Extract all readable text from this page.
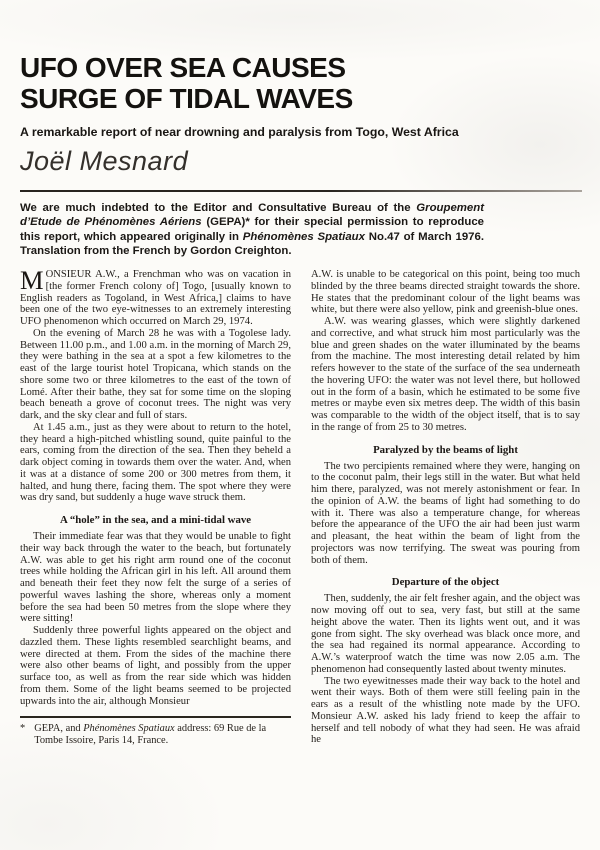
UFO OVER SEA CAUSES
SURGE OF TIDAL WAVES

A remarkable report of near drowning and paralysis from Togo, West Africa

Joël Mesnard

We are much indebted to the Editor and Consultative Bureau of the Groupement d’Etude de Phénomènes Aériens (GEPA)* for their special permission to reproduce this report, which appeared originally in Phénomènes Spatiaux No.47 of March 1976. Translation from the French by Gordon Creighton.

MONSIEUR A.W., a Frenchman who was on vacation in [the former French colony of] Togo, [usually known to English readers as Togoland, in West Africa,] claims to have been one of the two eye-witnesses to an extremely interesting UFO phenomenon which occurred on March 29, 1974.

On the evening of March 28 he was with a Togolese lady. Between 11.00 p.m., and 1.00 a.m. in the morning of March 29, they were bathing in the sea at a spot a few kilometres to the east of the large tourist hotel Tropicana, which stands on the shore some two or three kilometres to the east of the town of Lomé. After their bathe, they sat for some time on the sloping beach beneath a grove of coconut trees. The night was very dark, and the sky clear and full of stars.

At 1.45 a.m., just as they were about to return to the hotel, they heard a high-pitched whistling sound, quite painful to the ears, coming from the direction of the sea. Then they beheld a dark object coming in towards them over the water. And, when it was at a distance of some 200 or 300 metres from them, it halted, and hung there, facing them. The spot where they were was dry sand, but suddenly a huge wave struck them.

A “hole” in the sea, and a mini-tidal wave

Their immediate fear was that they would be unable to fight their way back through the water to the beach, but fortunately A.W. was able to get his right arm round one of the coconut trees while holding the African girl in his left. All around them and beneath their feet they now felt the surge of a series of powerful waves lashing the shore, whereas only a moment before the sea had been 50 metres from the slope where they were sitting!

Suddenly three powerful lights appeared on the object and dazzled them. These lights resembled searchlight beams, and were directed at them. From the sides of the machine there were also other beams of light, and possibly from the upper surface too, as well as from the rear side which was hidden from them. Some of the light beams seemed to be projected upwards into the air, although Monsieur

* GEPA, and Phénomènes Spatiaux address: 69 Rue de la Tombe Issoire, Paris 14, France.

A.W. is unable to be categorical on this point, being too much blinded by the three beams directed straight towards the shore. He states that the predominant colour of the light beams was white, but there were also yellow, pink and greenish-blue ones.

A.W. was wearing glasses, which were slightly darkened and corrective, and what struck him most particularly was the blue and green shades on the water illuminated by the beams from the machine. The most interesting detail related by him refers however to the state of the surface of the sea underneath the hovering UFO: the water was not level there, but hollowed out in the form of a basin, which he estimated to be some five metres or maybe even six metres deep. The width of this basin was comparable to the width of the object itself, that is to say in the range of from 25 to 30 metres.

Paralyzed by the beams of light

The two percipients remained where they were, hanging on to the coconut palm, their legs still in the water. But what held him there, paralyzed, was not merely astonishment or fear. In the opinion of A.W. the beams of light had something to do with it. There was also a temperature change, for whereas before the appearance of the UFO the air had been just warm and pleasant, the heat within the beam of light from the projectors was now terrifying. The sweat was pouring from both of them.

Departure of the object

Then, suddenly, the air felt fresher again, and the object was now moving off out to sea, very fast, but still at the same height above the water. Then its lights went out, and it was gone from sight. The sky overhead was black once more, and the sea had regained its normal appearance. According to A.W.’s waterproof watch the time was now 2.05 a.m. The phenomenon had consequently lasted about twenty minutes.

The two eyewitnesses made their way back to the hotel and went their ways. Both of them were still feeling pain in the ears as a result of the whistling note made by the UFO. Monsieur A.W. asked his lady friend to keep the affair to herself and tell nobody of what they had seen. He was afraid he
